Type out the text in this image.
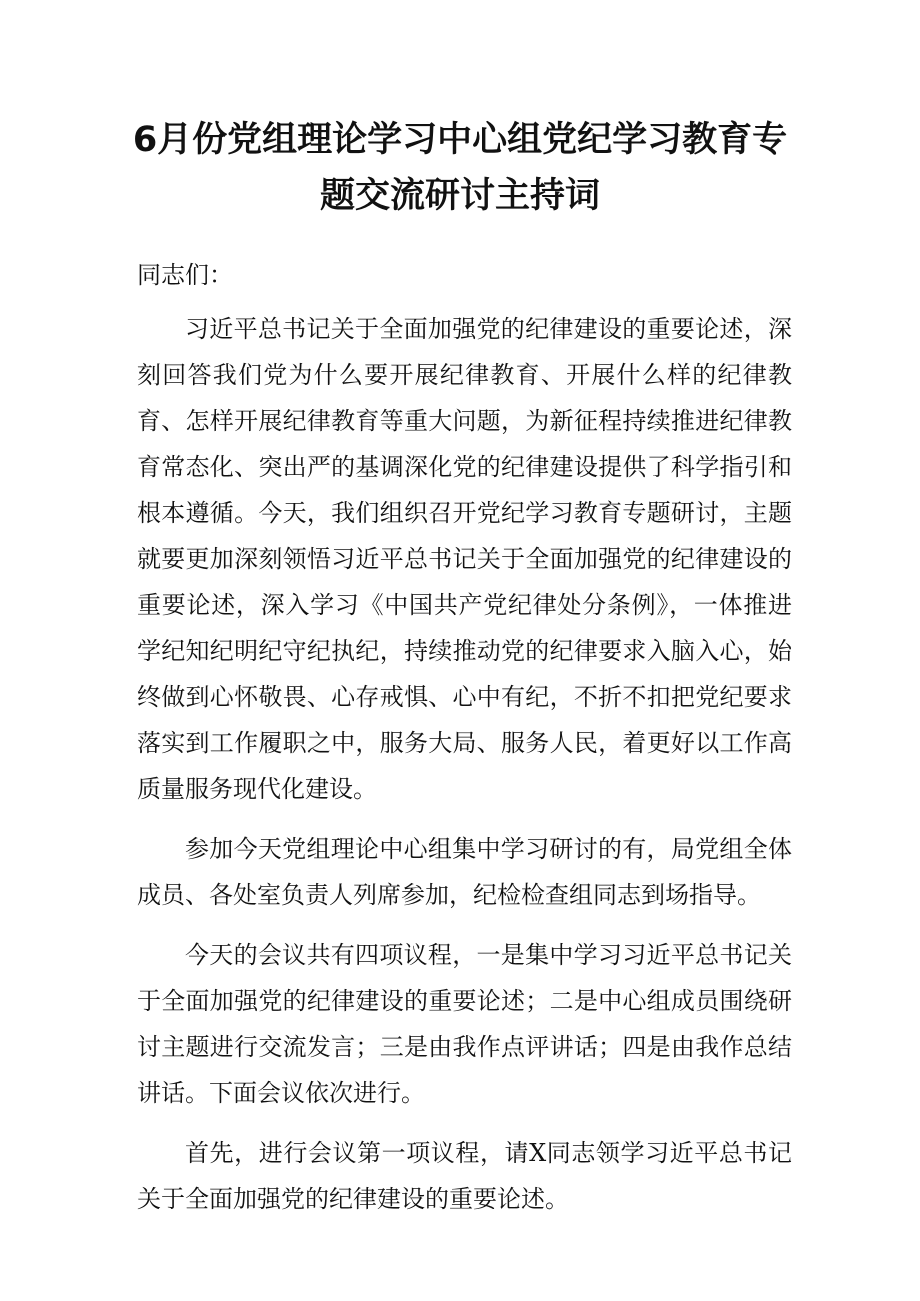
6月份党组理论学习中心组党纪学习教育专
题交流研讨主持词

同志们：

习近平总书记关于全面加强党的纪律建设的重要论述，深刻回答我们党为什么要开展纪律教育、开展什么样的纪律教育、怎样开展纪律教育等重大问题，为新征程持续推进纪律教育常态化、突出严的基调深化党的纪律建设提供了科学指引和根本遵循。今天，我们组织召开党纪学习教育专题研讨，主题就要更加深刻领悟习近平总书记关于全面加强党的纪律建设的重要论述，深入学习《中国共产党纪律处分条例》，一体推进学纪知纪明纪守纪执纪，持续推动党的纪律要求入脑入心，始终做到心怀敬畏、心存戒惧、心中有纪，不折不扣把党纪要求落实到工作履职之中，服务大局、服务人民，着更好以工作高质量服务现代化建设。

参加今天党组理论中心组集中学习研讨的有，局党组全体成员、各处室负责人列席参加，纪检检查组同志到场指导。

今天的会议共有四项议程，一是集中学习习近平总书记关于全面加强党的纪律建设的重要论述；二是中心组成员围绕研讨主题进行交流发言；三是由我作点评讲话；四是由我作总结讲话。下面会议依次进行。

首先，进行会议第一项议程，请X同志领学习近平总书记关于全面加强党的纪律建设的重要论述。
